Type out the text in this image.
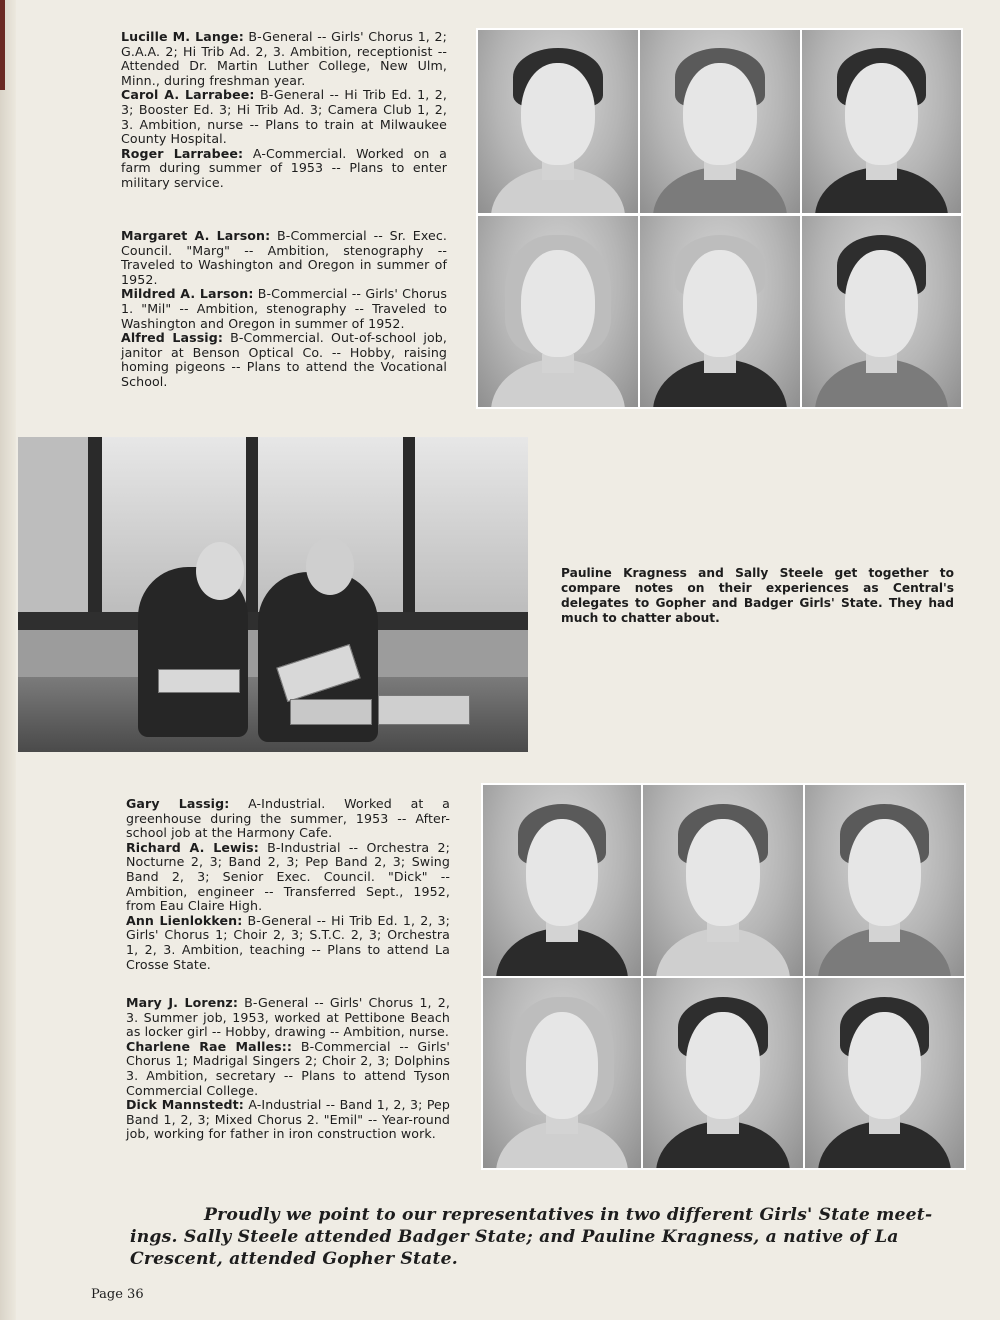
Lucille M. Lange: B-General -- Girls' Chorus 1, 2; G.A.A. 2; Hi Trib Ad. 2, 3. Ambition, receptionist -- Attended Dr. Martin Luther College, New Ulm, Minn., during freshman year.

Carol A. Larrabee: B-General -- Hi Trib Ed. 1, 2, 3; Booster Ed. 3; Hi Trib Ad. 3; Camera Club 1, 2, 3. Ambition, nurse -- Plans to train at Milwaukee County Hospital.

Roger Larrabee: A-Commercial. Worked on a farm during summer of 1953 -- Plans to enter military service.

Margaret A. Larson: B-Commercial -- Sr. Exec. Council. "Marg" -- Ambition, stenography -- Traveled to Washington and Oregon in summer of 1952.

Mildred A. Larson: B-Commercial -- Girls' Chorus 1. "Mil" -- Ambition, stenography -- Traveled to Washington and Oregon in summer of 1952.

Alfred Lassig: B-Commercial. Out-of-school job, janitor at Benson Optical Co. -- Hobby, raising homing pigeons -- Plans to attend the Vocational School.

Pauline Kragness and Sally Steele get together to compare notes on their experiences as Central's delegates to Gopher and Badger Girls' State. They had much to chatter about.

Gary Lassig: A-Industrial. Worked at a greenhouse during the summer, 1953 -- After-school job at the Harmony Cafe.

Richard A. Lewis: B-Industrial -- Orchestra 2; Nocturne 2, 3; Band 2, 3; Pep Band 2, 3; Swing Band 2, 3; Senior Exec. Council. "Dick" -- Ambition, engineer -- Transferred Sept., 1952, from Eau Claire High.

Ann Lienlokken: B-General -- Hi Trib Ed. 1, 2, 3; Girls' Chorus 1; Choir 2, 3; S.T.C. 2, 3; Orchestra 1, 2, 3. Ambition, teaching -- Plans to attend La Crosse State.

Mary J. Lorenz: B-General -- Girls' Chorus 1, 2, 3. Summer job, 1953, worked at Pettibone Beach as locker girl -- Hobby, drawing -- Ambition, nurse.

Charlene Rae Malles:: B-Commercial -- Girls' Chorus 1; Madrigal Singers 2; Choir 2, 3; Dolphins 3. Ambition, secretary -- Plans to attend Tyson Commercial College.

Dick Mannstedt: A-Industrial -- Band 1, 2, 3; Pep Band 1, 2, 3; Mixed Chorus 2. "Emil" -- Year-round job, working for father in iron construction work.

Proudly we point to our representatives in two different Girls' State meet-
ings. Sally Steele attended Badger State; and Pauline Kragness, a native of La
Crescent, attended Gopher State.
Page 36
